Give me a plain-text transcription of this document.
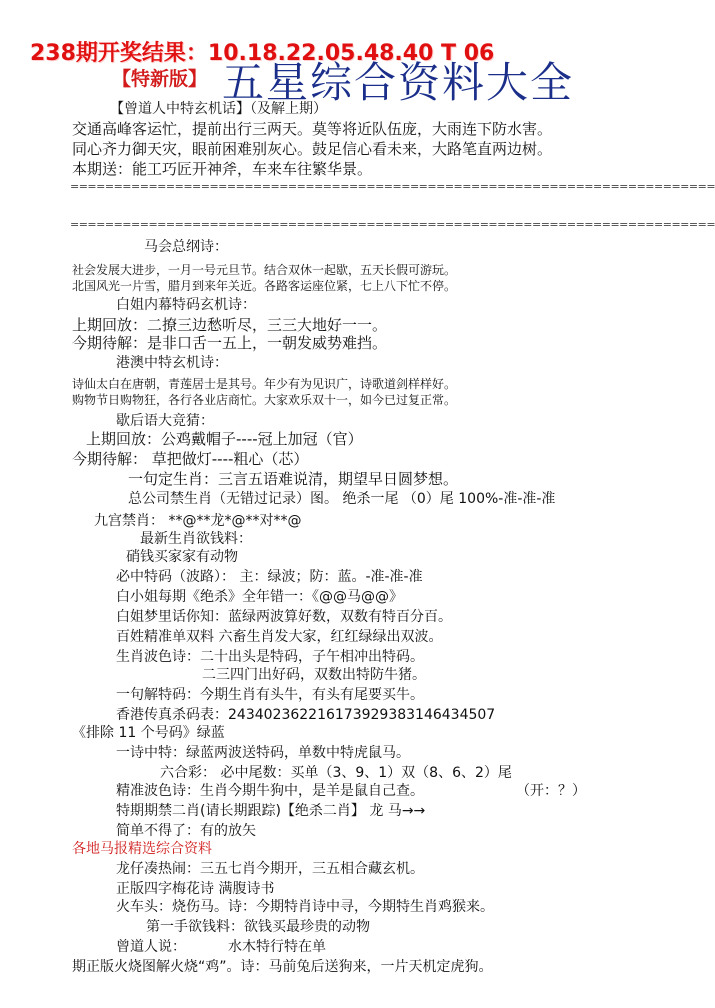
238期开奖结果：10.18.22.05.48.40 T 06
【特新版】 五星综合资料大全
【曾道人中特玄机话】（及解上期）
交通高峰客运忙，提前出行三两天。莫等将近队伍庞，大雨连下防水害。
同心齐力御天灾，眼前困难别灰心。鼓足信心看未来，大路笔直两边树。
本期送：能工巧匠开神斧，车来车往繁华景。
==========================================================================
==========================================================================
马会总纲诗：
社会发展大进步，一月一号元旦节。结合双休一起歇，五天长假可游玩。
北国风光一片雪，腊月到来年关近。各路客运座位紧，七上八下忙不停。
白姐内幕特码玄机诗：
上期回放：二撩三边愁听尽，三三大地好一一。
今期待解：是非口舌一五上，一朝发威势难挡。
港澳中特玄机诗：
诗仙太白在唐朝，青莲居士是其号。年少有为见识广，诗歌道剑样样好。
购物节日购物狂，各行各业店商忙。大家欢乐双十一，如今已过复正常。
歇后语大竞猜：
上期回放：公鸡戴帽子----冠上加冠（官）
今期待解： 草把做灯----粗心（芯）
一句定生肖：三言五语难说清，期望早日圆梦想。
总公司禁生肖（无错过记录）图。 绝杀一尾 （0）尾 100%-准-准-准
九宫禁肖： **@**龙*@**对**@
最新生肖欲钱料：
硝钱买家家有动物
必中特码（波路）： 主：绿波；防：蓝。-准-准-准
白小姐每期《绝杀》全年错一：《@@马@@》
白姐梦里话你知：蓝绿两波算好数，双数有特百分百。
百姓精准单双料 六畜生肖发大家，红红绿绿出双波。
生肖波色诗：二十出头是特码，子午相冲出特码。
二三四门出好码，双数出特防牛猪。
一句解特码：今期生肖有头牛，有头有尾要买牛。
香港传真杀码表：2434023622161739293831464345​07
《排除 11 个号码》绿蓝
一诗中特：绿蓝两波送特码，单数中特虎鼠马。
六合彩： 必中尾数：买单（3、9、1）双（8、6、2）尾
精准波色诗：生肖今期牛狗中，是羊是鼠自己查。	（开：？）
特期期禁二肖(请长期跟踪)【绝杀二肖】 龙 马→→
简单不得了：有的放矢
各地马报精选综合资料
龙仔凑热闹：三五七肖今期开，三五相合藏玄机。
正版四字梅花诗 满腹诗书
火车头：烧伤马。诗：今期特肖诗中寻，今期特生肖鸡猴来。
第一手欲钱料：欲钱买最珍贵的动物
曾道人说：	水木特行特在单
期正版火烧图解火烧“鸡”。诗：马前兔后送狗来，一片天机定虎狗。
